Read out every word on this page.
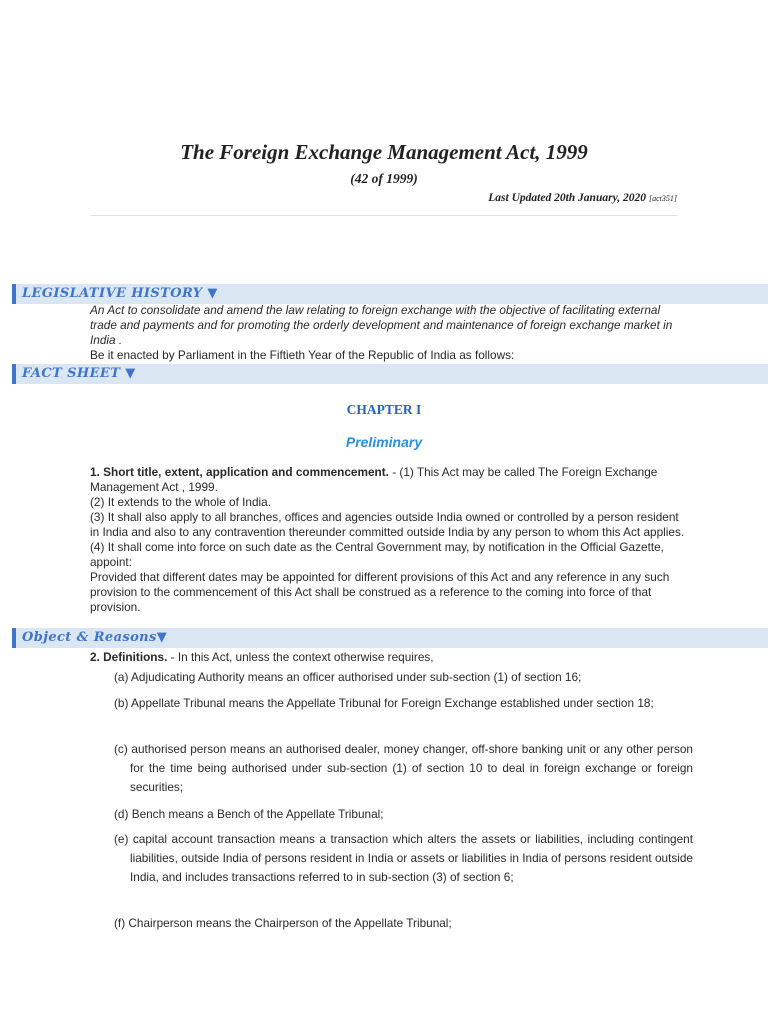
The Foreign Exchange Management Act, 1999
(42 of 1999)
Last Updated 20th January, 2020 [act351]
LEGISLATIVE HISTORY ▼
An Act to consolidate and amend the law relating to foreign exchange with the objective of facilitating external trade and payments and for promoting the orderly development and maintenance of foreign exchange market in India .
Be it enacted by Parliament in the Fiftieth Year of the Republic of India as follows:
FACT SHEET ▼
CHAPTER I
Preliminary
1. Short title, extent, application and commencement. - (1) This Act may be called The Foreign Exchange Management Act , 1999.
(2) It extends to the whole of India.
(3) It shall also apply to all branches, offices and agencies outside India owned or controlled by a person resident in India and also to any contravention thereunder committed outside India by any person to whom this Act applies.
(4) It shall come into force on such date as the Central Government may, by notification in the Official Gazette, appoint:
Provided that different dates may be appointed for different provisions of this Act and any reference in any such provision to the commencement of this Act shall be construed as a reference to the coming into force of that provision.
Object & Reasons▼
2. Definitions. - In this Act, unless the context otherwise requires,
(a) Adjudicating Authority means an officer authorised under sub-section (1) of section 16;
(b) Appellate Tribunal means the Appellate Tribunal for Foreign Exchange established under section 18;
(c) authorised person means an authorised dealer, money changer, off-shore banking unit or any other person for the time being authorised under sub-section (1) of section 10 to deal in foreign exchange or foreign securities;
(d) Bench means a Bench of the Appellate Tribunal;
(e) capital account transaction means a transaction which alters the assets or liabilities, including contingent liabilities, outside India of persons resident in India or assets or liabilities in India of persons resident outside India, and includes transactions referred to in sub-section (3) of section 6;
(f) Chairperson means the Chairperson of the Appellate Tribunal;
